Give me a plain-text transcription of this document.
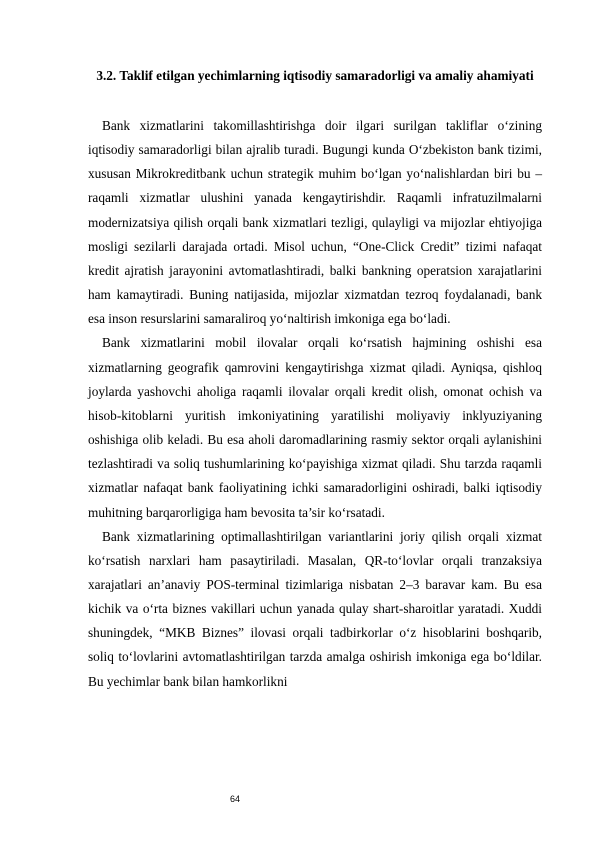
3.2. Taklif etilgan yechimlarning iqtisodiy samaradorligi va amaliy ahamiyati

Bank xizmatlarini takomillashtirishga doir ilgari surilgan takliflar o‘zining iqtisodiy samaradorligi bilan ajralib turadi. Bugungi kunda O‘zbekiston bank tizimi, xususan Mikrokreditbank uchun strategik muhim bo‘lgan yo‘nalishlardan biri bu – raqamli xizmatlar ulushini yanada kengaytirishdir. Raqamli infratuzilmalarni modernizatsiya qilish orqali bank xizmatlari tezligi, qulayligi va mijozlar ehtiyojiga mosligi sezilarli darajada ortadi. Misol uchun, “One-Click Credit” tizimi nafaqat kredit ajratish jarayonini avtomatlashtiradi, balki bankning operatsion xarajatlarini ham kamaytiradi. Buning natijasida, mijozlar xizmatdan tezroq foydalanadi, bank esa inson resurslarini samaraliroq yo‘naltirish imkoniga ega bo‘ladi.

Bank xizmatlarini mobil ilovalar orqali ko‘rsatish hajmining oshishi esa xizmatlarning geografik qamrovini kengaytirishga xizmat qiladi. Ayniqsa, qishloq joylarda yashovchi aholiga raqamli ilovalar orqali kredit olish, omonat ochish va hisob-kitoblarni yuritish imkoniyatining yaratilishi moliyaviy inklyuziyaning oshishiga olib keladi. Bu esa aholi daromadlarining rasmiy sektor orqali aylanishini tezlashtiradi va soliq tushumlarining ko‘payishiga xizmat qiladi. Shu tarzda raqamli xizmatlar nafaqat bank faoliyatining ichki samaradorligini oshiradi, balki iqtisodiy muhitning barqarorligiga ham bevosita ta’sir ko‘rsatadi.

Bank xizmatlarining optimallashtirilgan variantlarini joriy qilish orqali xizmat ko‘rsatish narxlari ham pasaytiriladi. Masalan, QR-to‘lovlar orqali tranzaksiya xarajatlari an’anaviy POS-terminal tizimlariga nisbatan 2–3 baravar kam. Bu esa kichik va o‘rta biznes vakillari uchun yanada qulay shart-sharoitlar yaratadi. Xuddi shuningdek, “MKB Biznes” ilovasi orqali tadbirkorlar o‘z hisoblarini boshqarib, soliq to‘lovlarini avtomatlashtirilgan tarzda amalga oshirish imkoniga ega bo‘ldilar. Bu yechimlar bank bilan hamkorlikni

64
